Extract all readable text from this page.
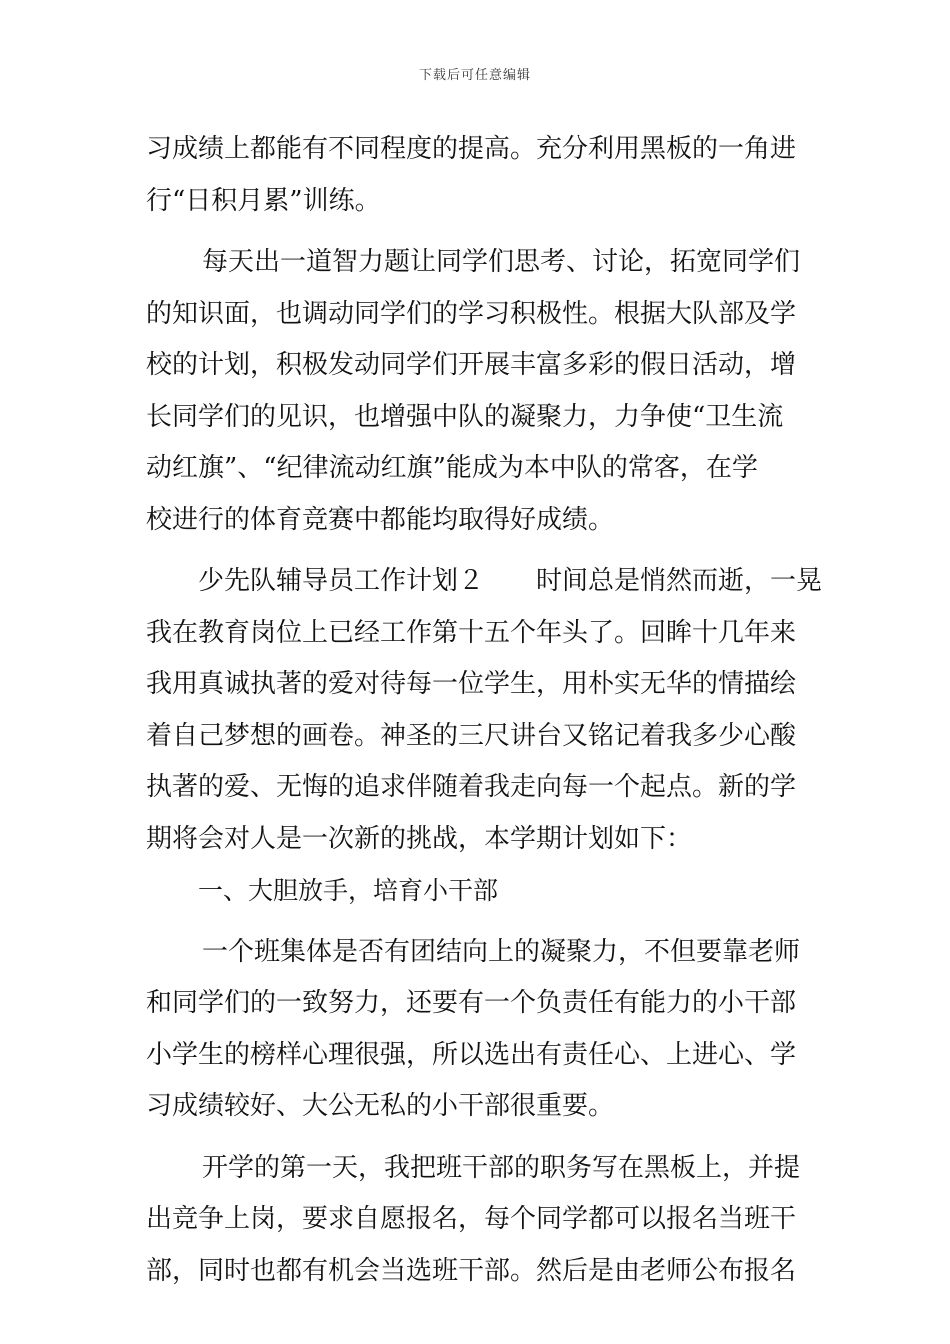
下载后可任意编辑
习成绩上都能有不同程度的提高。充分利用黑板的一角进
行“日积月累”训练。
每天出一道智力题让同学们思考、讨论，拓宽同学们
的知识面，也调动同学们的学习积极性。根据大队部及学
校的计划，积极发动同学们开展丰富多彩的假日活动，增
长同学们的见识，也增强中队的凝聚力，力争使“卫生流
动红旗”、“纪律流动红旗”能成为本中队的常客，在学
校进行的体育竞赛中都能均取得好成绩。
少先队辅导员工作计划２　　时间总是悄然而逝，一晃
我在教育岗位上已经工作第十五个年头了。回眸十几年来
我用真诚执著的爱对待每一位学生，用朴实无华的情描绘
着自己梦想的画卷。神圣的三尺讲台又铭记着我多少心酸
执著的爱、无悔的追求伴随着我走向每一个起点。新的学
期将会对人是一次新的挑战，本学期计划如下：
一、大胆放手，培育小干部
一个班集体是否有团结向上的凝聚力，不但要靠老师
和同学们的一致努力，还要有一个负责任有能力的小干部
小学生的榜样心理很强，所以选出有责任心、上进心、学
习成绩较好、大公无私的小干部很重要。
开学的第一天，我把班干部的职务写在黑板上，并提
出竞争上岗，要求自愿报名，每个同学都可以报名当班干
部，同时也都有机会当选班干部。然后是由老师公布报名
